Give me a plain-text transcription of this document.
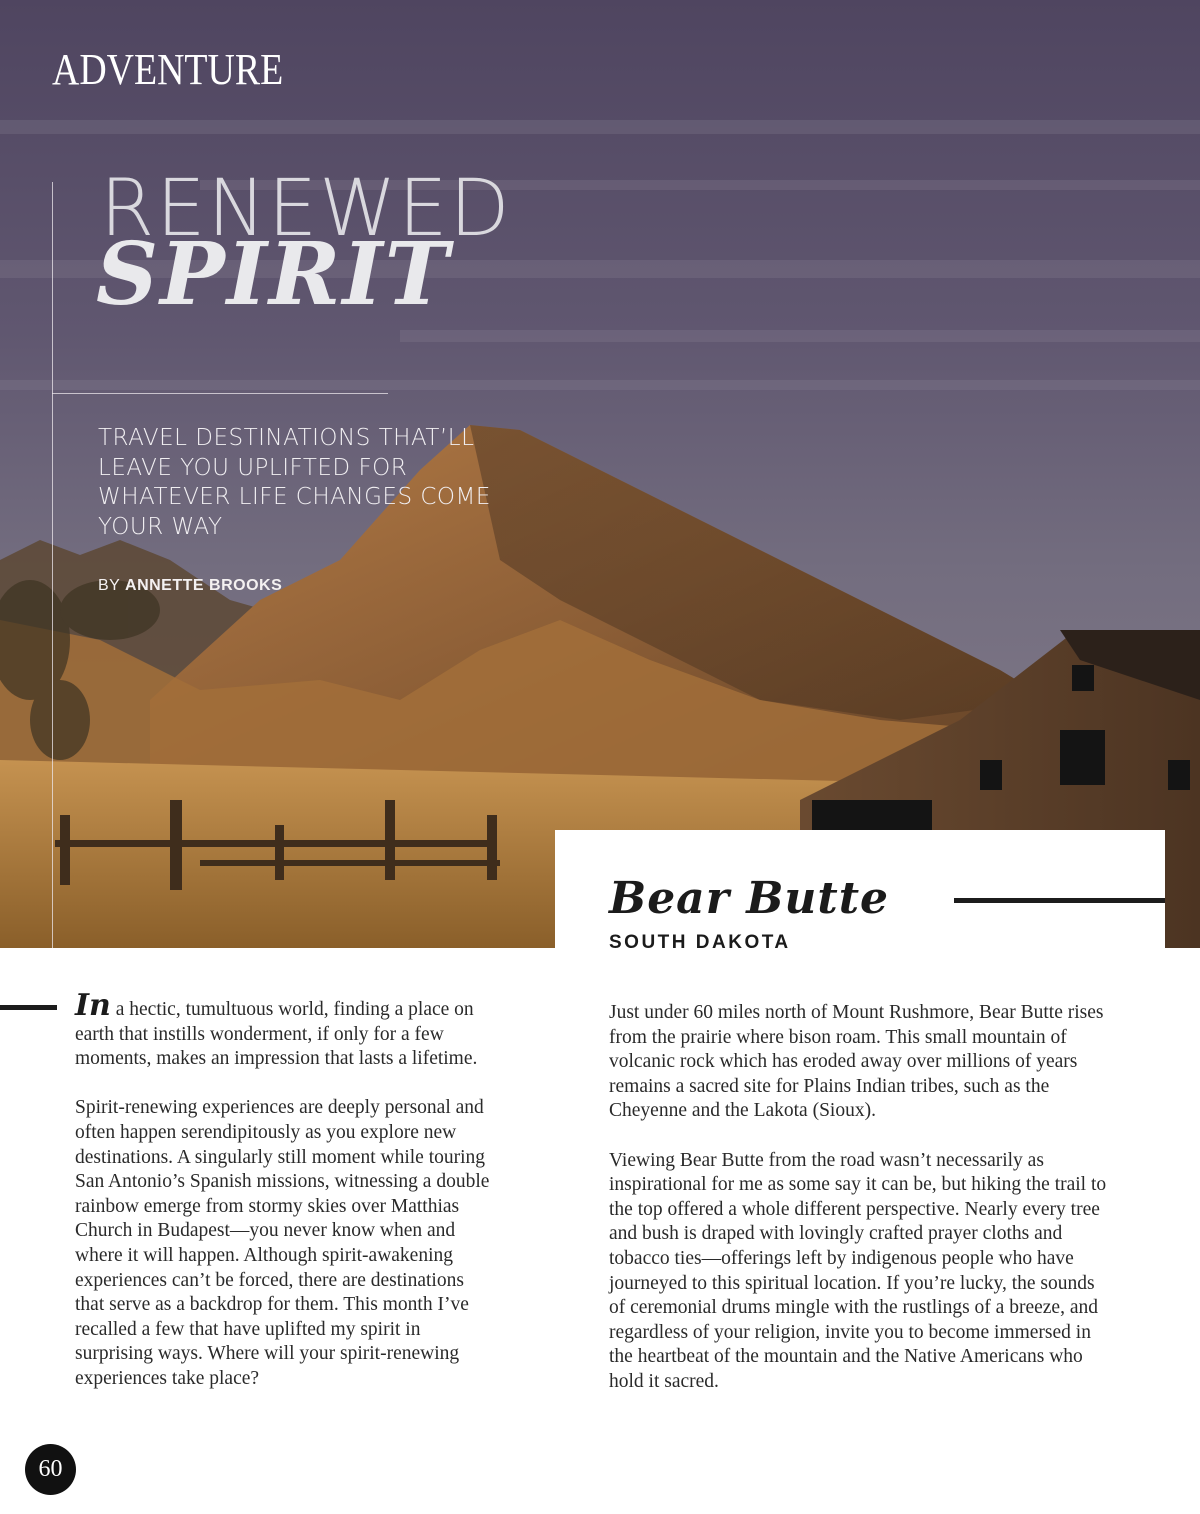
ADVENTURE
RENEWED
SPIRIT
TRAVEL DESTINATIONS THAT’LL LEAVE YOU UPLIFTED FOR WHATEVER LIFE CHANGES COME YOUR WAY
BY ANNETTE BROOKS
Bear Butte
SOUTH DAKOTA

In a hectic, tumultuous world, finding a place on earth that instills wonderment, if only for a few moments, makes an impression that lasts a lifetime.

Spirit-renewing experiences are deeply personal and often happen serendipitously as you explore new destinations. A singularly still moment while touring San Antonio’s Spanish missions, witnessing a double rainbow emerge from stormy skies over Matthias Church in Budapest—you never know when and where it will happen. Although spirit-awakening experiences can’t be forced, there are destinations that serve as a backdrop for them. This month I’ve recalled a few that have uplifted my spirit in surprising ways. Where will your spirit-renewing experiences take place?

Just under 60 miles north of Mount Rushmore, Bear Butte rises from the prairie where bison roam. This small mountain of volcanic rock which has eroded away over millions of years remains a sacred site for Plains Indian tribes, such as the Cheyenne and the Lakota (Sioux).

Viewing Bear Butte from the road wasn’t necessarily as inspirational for me as some say it can be, but hiking the trail to the top offered a whole different perspective. Nearly every tree and bush is draped with lovingly crafted prayer cloths and tobacco ties—offerings left by indigenous people who have journeyed to this spiritual location. If you’re lucky, the sounds of ceremonial drums mingle with the rustlings of a breeze, and regardless of your religion, invite you to become immersed in the heartbeat of the mountain and the Native Americans who hold it sacred.

60
